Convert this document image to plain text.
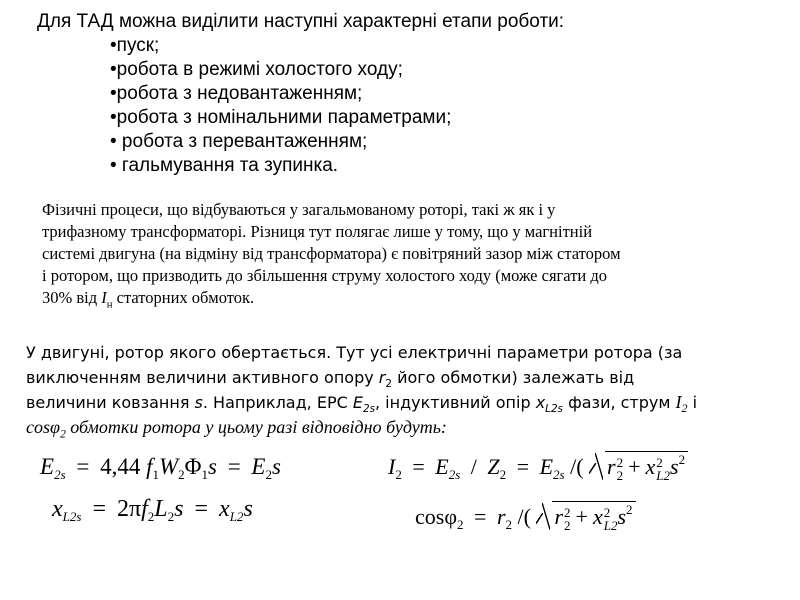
Для ТАД можна виділити наступні характерні етапи роботи:
•пуск;
•робота в режимі холостого ходу;
•робота з недовантаженням;
•робота з номінальними параметрами;
• робота з перевантаженням;
• гальмування та зупинка.
Фізичні процеси, що відбуваються у загальмованому роторі, такі ж як і у
трифазному трансформаторі. Різниця тут полягає лише у тому, що у магнітній
системі двигуна (на відміну від трансформатора) є повітряний зазор між статором
і ротором, що призводить до збільшення струму холостого ходу (може сягати до
30% від $I_н$ статорних обмоток.
У двигуні, ротор якого обертається. Тут усі електричні параметри ротора (за
виключенням величини активного опору $r_2$ його обмотки) залежать від
величини ковзання s. Наприклад, ЕРС $E_{2s}$, індуктивний опір $x_{L2s}$ фази, струм $I_2$ і
cosφ$_2$ обмотки ротора у цьому разі відповідно будуть:
$E_{2s} = 4,44$ $f_1W_2\Phi_1s = E_2s$
$x_{L2s} = 2\pi f_2L_2s = x_{L2}s$
$I_2 = E_{2s} / Z_2 = E_{2s}$ /( r 2
2 + x 2
L2 $s^2$
$\cos\varphi_2 = r_2$ /( r 2
2 + x 2
L2 $s^2$
